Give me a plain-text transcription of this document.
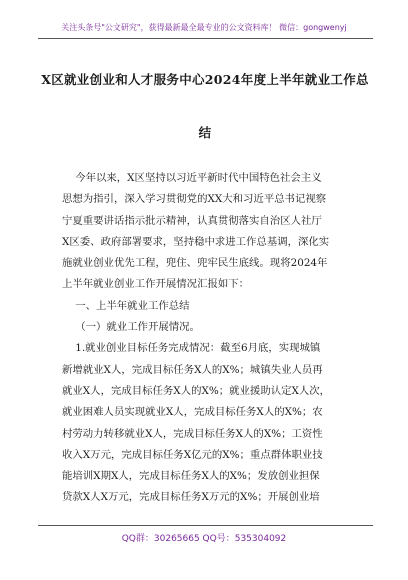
关注头条号"公文研究"，获得最新最全最专业的公文资料库！ 微信：gongwenyj
X区就业创业和人才服务中心2024年度上半年就业工作总
结
今年以来，X区坚持以习近平新时代中国特色社会主义
思想为指引，深入学习贯彻党的XX大和习近平总书记视察
宁夏重要讲话指示批示精神，认真贯彻落实自治区人社厅
X区委、政府部署要求，坚持稳中求进工作总基调，深化实
施就业创业优先工程，兜住、兜牢民生底线。现将2024年
上半年就业创业工作开展情况汇报如下：
一、上半年就业工作总结
（一）就业工作开展情况。
1.就业创业目标任务完成情况：截至6月底，实现城镇
新增就业X人，完成目标任务X人的X%；城镇失业人员再
就业X人，完成目标任务X人的X%；就业援助认定X人次，
就业困难人员实现就业X人，完成目标任务X人的X%；农
村劳动力转移就业X人，完成目标任务X人的X%；工资性
收入X万元，完成目标任务X亿元的X%；重点群体职业技
能培训X期X人，完成目标任务X人的X%；发放创业担保
贷款X人X万元，完成目标任务X万元的X%；开展创业培
QQ群：30265665 QQ号：535304092
